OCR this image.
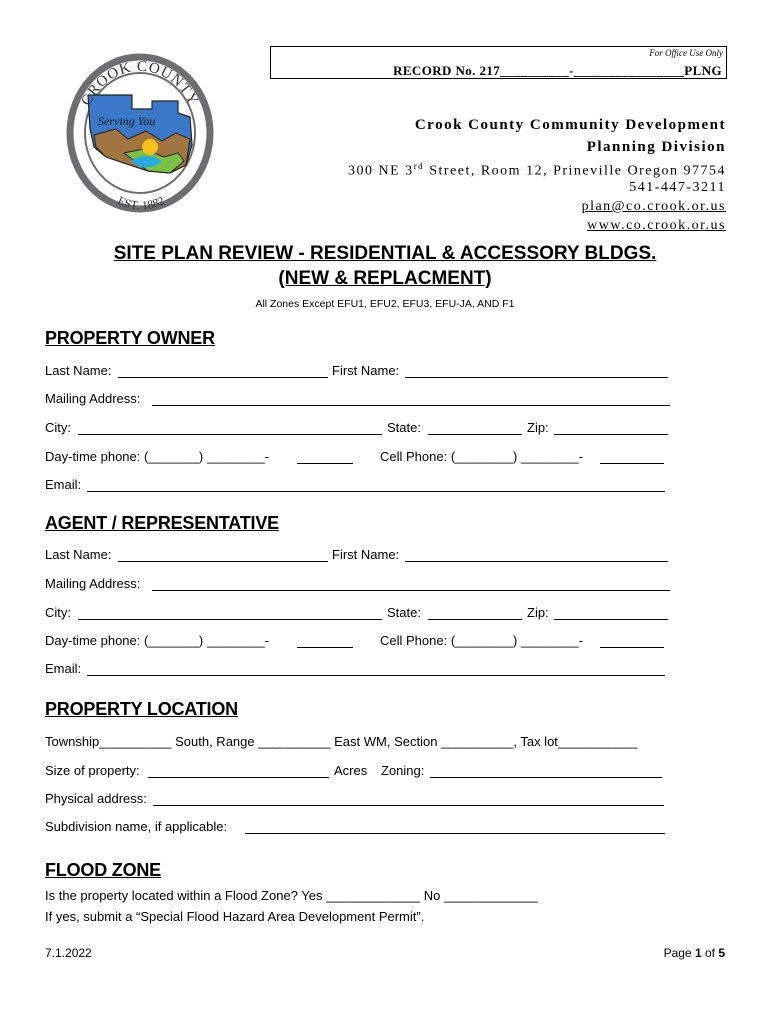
Serving You
CROOK COUNTY
EST. 1882
For Office Use Only
RECORD No. 217__________-________________PLNG
Crook County Community Development
Planning Division
300 NE 3rd Street, Room 12, Prineville Oregon 97754
541-447-3211
plan@co.crook.or.us
www.co.crook.or.us
SITE PLAN REVIEW - RESIDENTIAL & ACCESSORY BLDGS.
(NEW & REPLACMENT)
All Zones Except EFU1, EFU2, EFU3, EFU-JA, AND F1
PROPERTY OWNER
Last Name:	First Name:
Mailing Address:
City:	State:	Zip:
Day-time phone: (_______) ________-	Cell Phone: (________) ________-
Email:
AGENT / REPRESENTATIVE
Last Name:	First Name:
Mailing Address:
City:	State:	Zip:
Day-time phone: (_______) ________-	Cell Phone: (________) ________-
Email:
PROPERTY LOCATION
Township__________ South, Range __________ East WM, Section __________, Tax lot___________
Size of property:	Acres Zoning:
Physical address:
Subdivision name, if applicable:
FLOOD ZONE
Is the property located within a Flood Zone? Yes _____________ No _____________
If yes, submit a “Special Flood Hazard Area Development Permit”.
7.1.2022	Page 1 of 5
